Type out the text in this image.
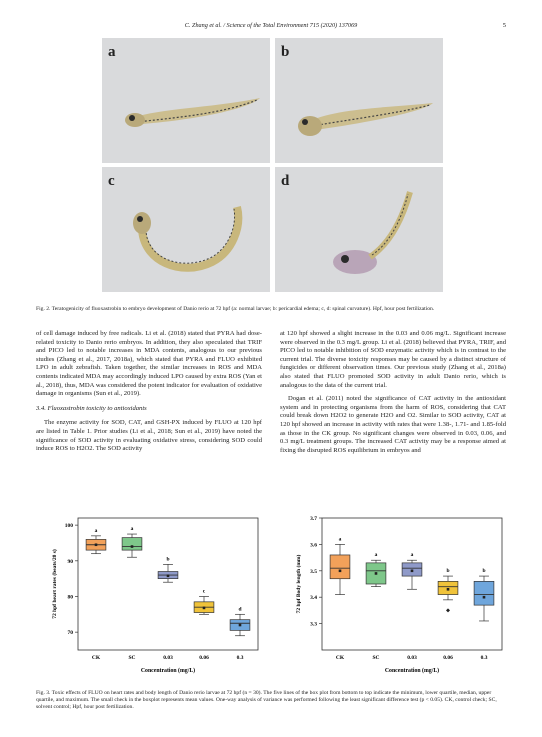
C. Zhang et al. / Science of the Total Environment 715 (2020) 137069	5
a	b
c	d
Fig. 2. Teratogenicity of fluoxastrobin to embryo development of Danio rerio at 72 hpf (a: normal larvae; b: pericardial edema; c, d: spinal curvature). Hpf, hour post fertilization.

of cell damage induced by free radicals. Li et al. (2018) stated that PYRA had dose-related toxicity to Danio rerio embryos. In addition, they also speculated that TRIF and PICO led to notable increases in MDA contents, analogous to our previous studies (Zhang et al., 2017, 2018a), which stated that PYRA and FLUO exhibited LPO in adult zebrafish. Taken together, the similar increases in ROS and MDA contents indicated MDA may accordingly induced LPO caused by extra ROS (Yan et al., 2018), thus, MDA was considered the potent indicator for evaluation of oxidative damage in organisms (Sun et al., 2019).

3.4. Fluoxastrobin toxicity to antioxidants

The enzyme activity for SOD, CAT, and GSH-PX induced by FLUO at 120 hpf are listed in Table 1. Prior studies (Li et al., 2018; Sun et al., 2019) have noted the significance of SOD activity in evaluating oxidative stress, considering SOD could induce ROS to H2O2. The SOD activity

at 120 hpf showed a slight increase in the 0.03 and 0.06 mg/L. Significant increase were observed in the 0.3 mg/L group. Li et al. (2018) believed that PYRA, TRIF, and PICO led to notable inhibition of SOD enzymatic activity which is in contrast to the current trial. The diverse toxicity responses may be caused by a distinct structure of fungicides or different observation times. Our previous study (Zhang et al., 2018a) also stated that FLUO promoted SOD activity in adult Danio rerio, which is analogous to the data of the current trial.

Dogan et al. (2011) noted the significance of CAT activity in the antioxidant system and in protecting organisms from the harm of ROS, considering that CAT could break down H2O2 to generate H2O and O2. Similar to SOD activity, CAT at 120 hpf showed an increase in activity with rates that were 1.38-, 1.71- and 1.85-fold as those in the CK group. No significant changes were observed in 0.03, 0.06, and 0.3 mg/L treatment groups. The increased CAT activity may be a response aimed at fixing the disrupted ROS equilibrium in embryos and

70
80
90
100
CK
a
SC
a
0.03
b
0.06
c
0.3
d
72 hpf heart rates (beats/20 s)
Concentration (mg/L)
3.3
3.4
3.5
3.6
3.7
CK
a
SC
a
0.03
a
0.06
b
0.3
b
72 hpf Body length (mm)
Concentration (mg/L)
Fig. 3. Toxic effects of FLUO on heart rates and body length of Danio rerio larvae at 72 hpf (n = 30). The five lines of the box plot from bottom to top indicate the minimum, lower quartile, median, upper quartile, and maximum. The small check in the boxplot represents mean values. One-way analysis of variance was performed following the least significant difference test (p < 0.05). CK, control check; SC, solvent control; Hpf, hour post fertilization.
